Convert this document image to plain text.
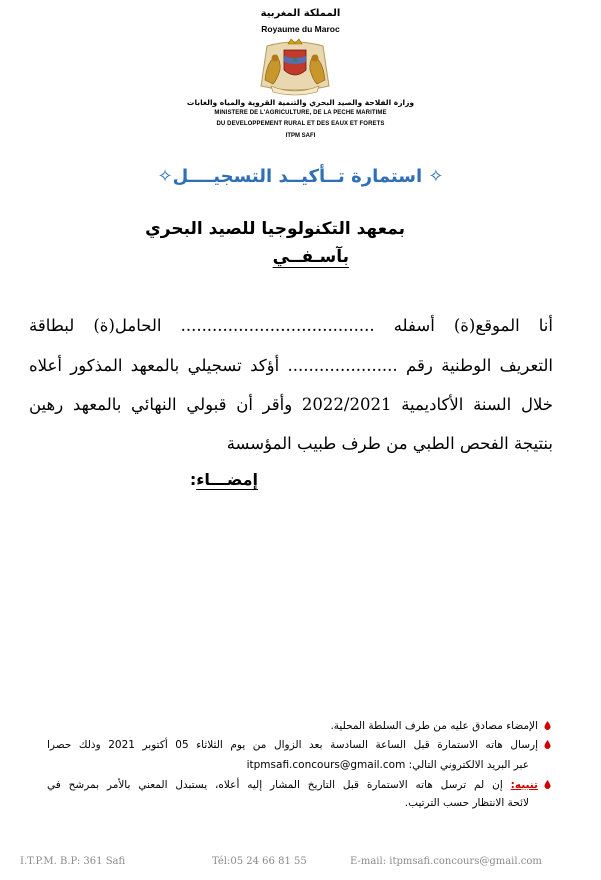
المملكة المغربية
Royaume du Maroc
وزارة الفلاحة والصيد البحري والتنمية القروية والمياه والغابات
MINISTERE DE L'AGRICULTURE, DE LA PECHE MARITIME
DU DEVELOPPEMENT RURAL ET DES EAUX ET FORETS
ITPM SAFI
✧ استمارة تــأكيــد التسجيــــل✧
بمعهد التكنولوجيا للصيد البحري
بآسـفــي
أنا الموقع(ة) أسفله ..................................... الحامل(ة) لبطاقة
التعريف الوطنية رقم ..................... أؤكد تسجيلي بالمعهد المذكور أعلاه
خلال السنة الأكاديمية 2022/2021 وأقر أن قبولي النهائي بالمعهد رهين
بنتيجة الفحص الطبي من طرف طبيب المؤسسة
إمضـــاء:
الإمضاء مصادق عليه من طرف السلطة المحلية.
إرسال هاته الاستمارة قبل الساعة السادسة بعد الزوال من يوم الثلاثاء 05 أكتوبر 2021 وذلك حصرا
عبر البريد الالكتروني التالي: itpmsafi.concours@gmail.com
تنبيه: إن لم ترسل هاته الاستمارة قبل التاريخ المشار إليه أعلاه، يستبدل المعني بالأمر بمرشح في
لائحة الانتظار حسب الترتيب.
I.T.P.M. B.P: 361 Safi	Tél:05 24 66 81 55	E-mail: itpmsafi.concours@gmail.com
